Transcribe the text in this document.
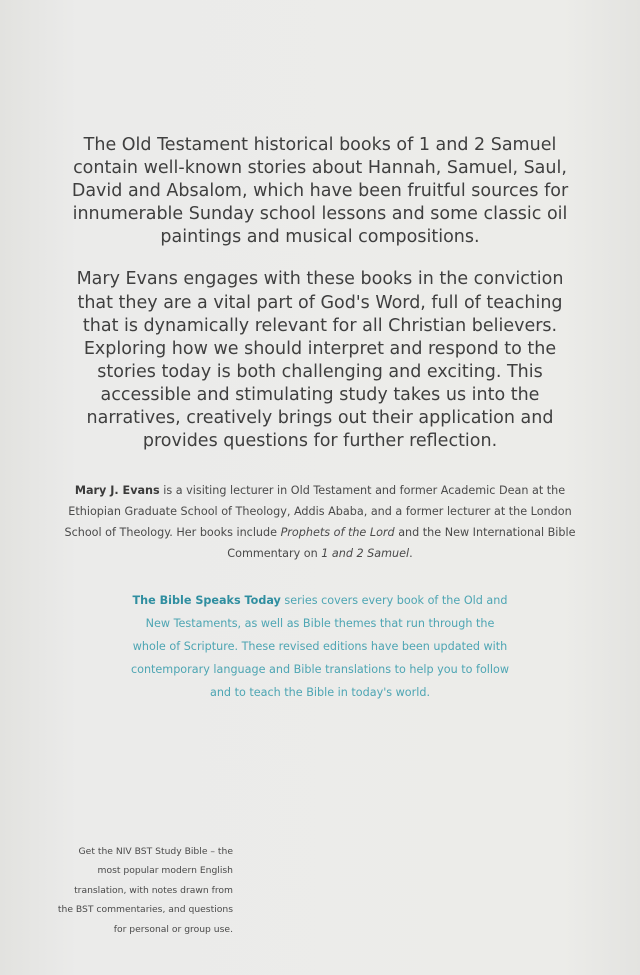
The Old Testament historical books of 1 and 2 Samuel contain well-known stories about Hannah, Samuel, Saul, David and Absalom, which have been fruitful sources for innumerable Sunday school lessons and some classic oil paintings and musical compositions.

Mary Evans engages with these books in the conviction that they are a vital part of God's Word, full of teaching that is dynamically relevant for all Christian believers. Exploring how we should interpret and respond to the stories today is both challenging and exciting. This accessible and stimulating study takes us into the narratives, creatively brings out their application and provides questions for further reflection.

Mary J. Evans is a visiting lecturer in Old Testament and former Academic Dean at the Ethiopian Graduate School of Theology, Addis Ababa, and a former lecturer at the London School of Theology. Her books include Prophets of the Lord and the New International Bible Commentary on 1 and 2 Samuel.
The Bible Speaks Today series covers every book of the Old and New Testaments, as well as Bible themes that run through the whole of Scripture. These revised editions have been updated with contemporary language and Bible translations to help you to follow and to teach the Bible in today's world.

Get the NIV BST Study Bible – the

most popular modern English

translation, with notes drawn from

the BST commentaries, and questions

for personal or group use.
